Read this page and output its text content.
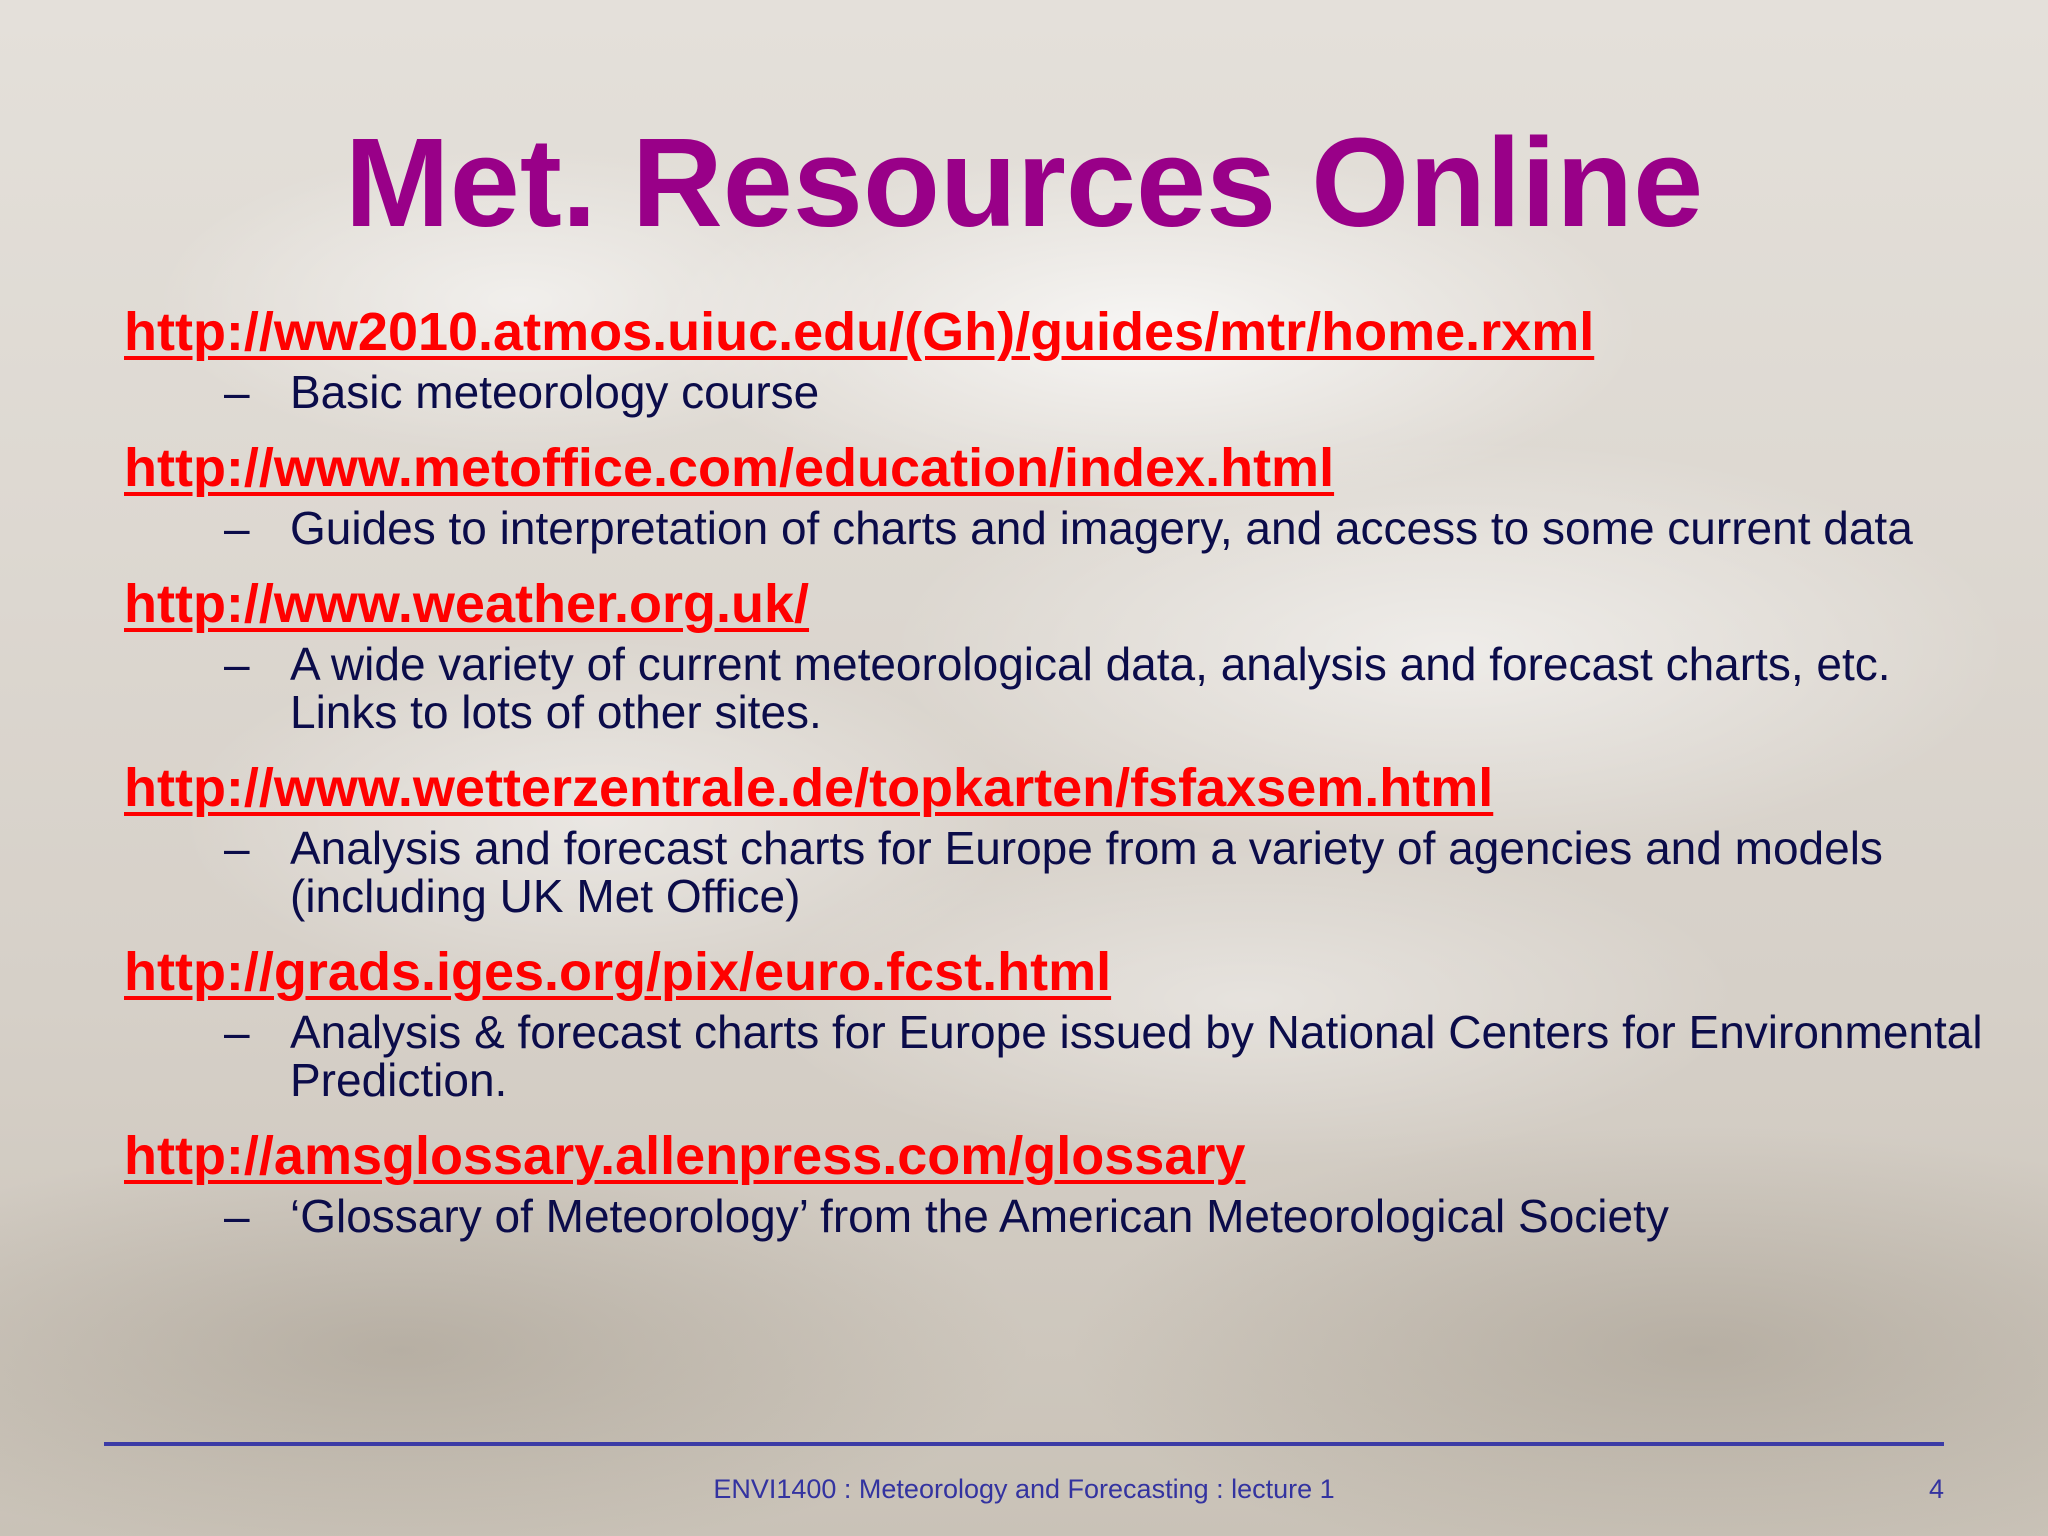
Met. Resources Online
http://ww2010.atmos.uiuc.edu/(Gh)/guides/mtr/home.rxml
– Basic meteorology course
http://www.metoffice.com/education/index.html
– Guides to interpretation of charts and imagery, and access to some current data
http://www.weather.org.uk/
– A wide variety of current meteorological data, analysis and forecast charts, etc. Links to lots of other sites.
http://www.wetterzentrale.de/topkarten/fsfaxsem.html
– Analysis and forecast charts for Europe from a variety of agencies and models (including UK Met Office)
http://grads.iges.org/pix/euro.fcst.html
– Analysis & forecast charts for Europe issued by National Centers for Environmental Prediction.
http://amsglossary.allenpress.com/glossary
– ‘Glossary of Meteorology’ from the American Meteorological Society
ENVI1400 : Meteorology and Forecasting : lecture 1	4
